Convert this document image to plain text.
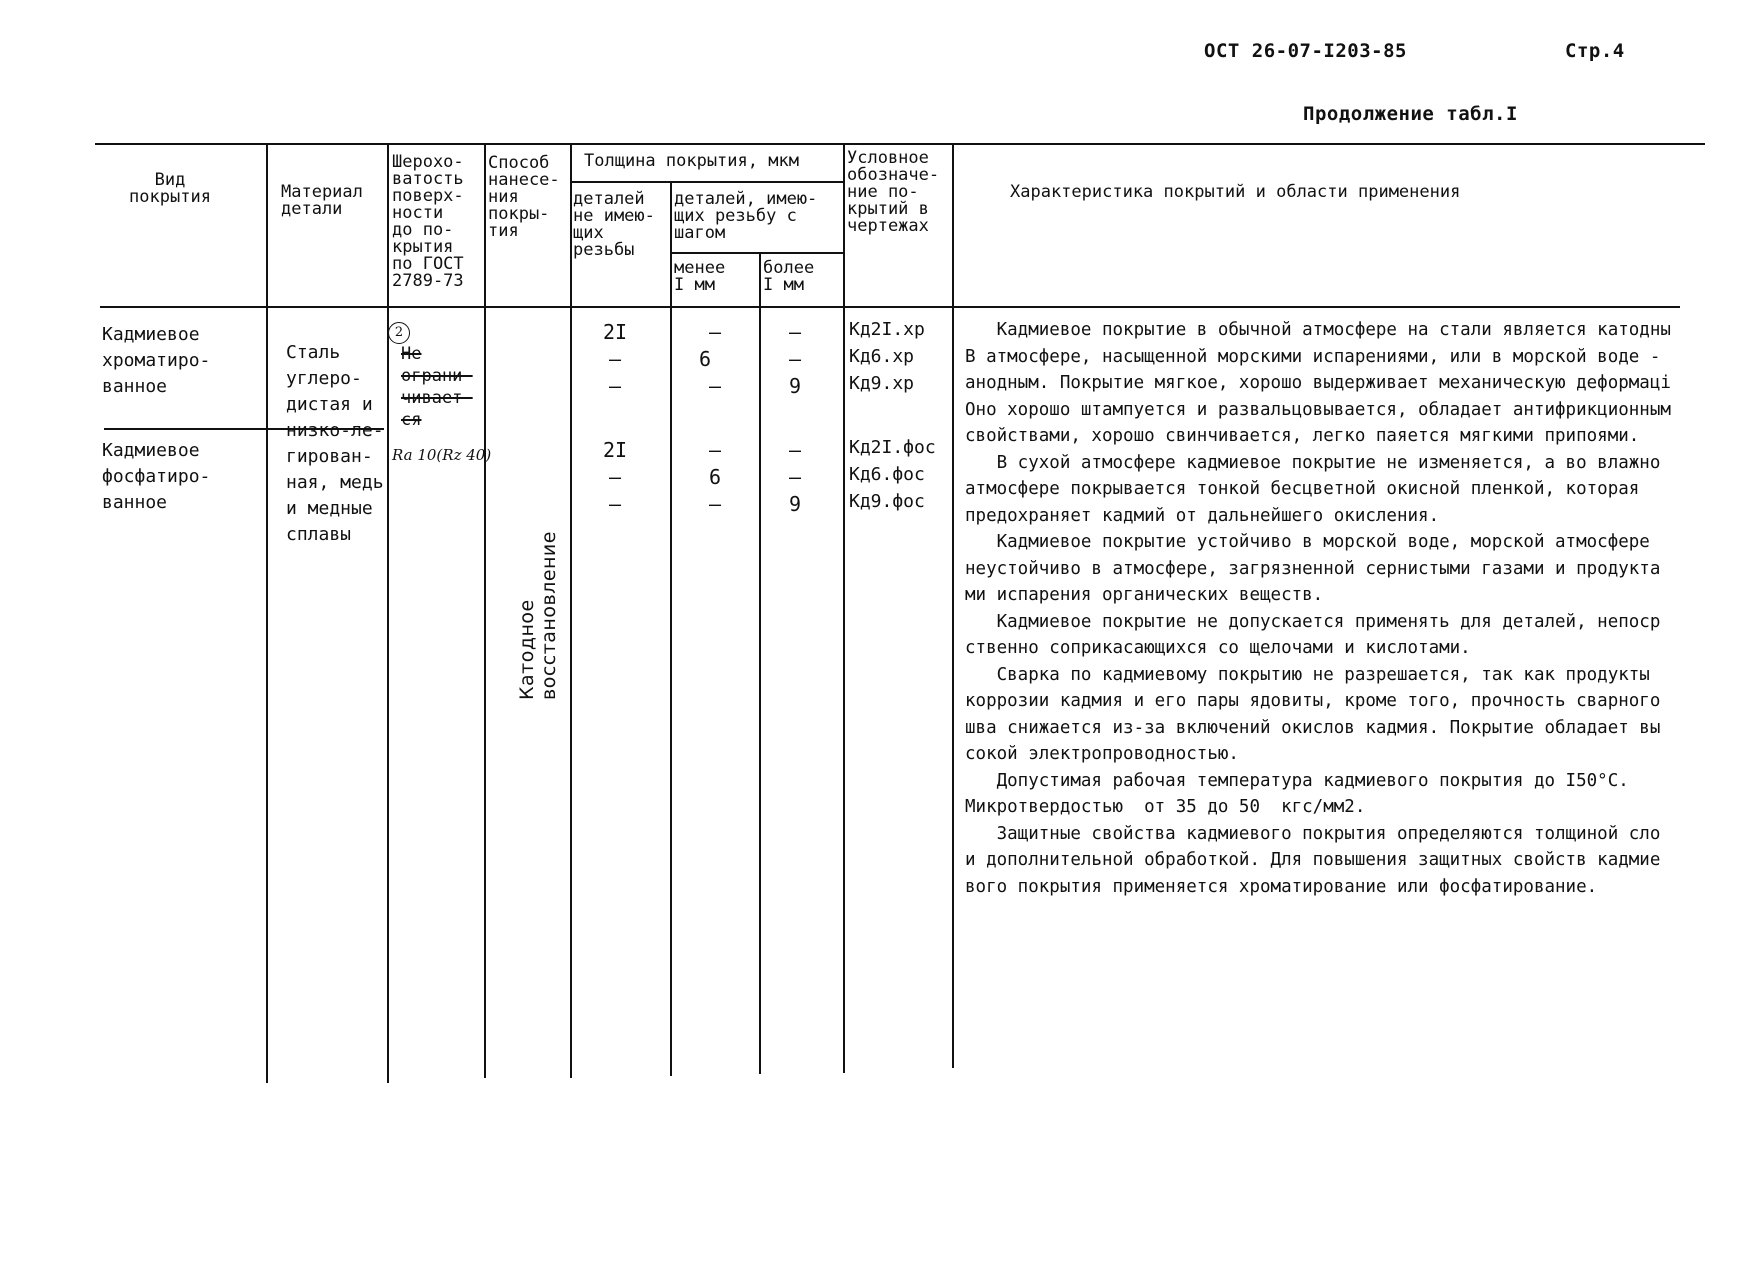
ОСТ 26-07-I203-85	Стр.4
Продолжение табл.I
Вид
покрытия	Материал
детали
Шерохо-
ватость
поверх-
ности
до по-
крытия
по ГОСТ
2789-73
Способ
нанесе-
ния
покры-
тия
Толщина покрытия, мкм
деталей
не имею-
щих
резьбы
деталей, имею-
щих резьбу с
шагом
менее
I мм
более
I мм
Условное
обозначе-
ние по-
крытий в
чертежах
Характеристика покрытий и области применения
Кадмиевое
хроматиро-
ванное
2I
–
–
–
6
–
–
–
9
Кд2I.хр
Кд6.хр
Кд9.хр
Кадмиевое
фосфатиро-
ванное
2I
–
–
–
6
–
–
–
9
Кд2I.фос
Кд6.фос
Кд9.фос
Сталь
углеро-
дистая и
низко-ле-
гирован-
ная, медь
и медные
сплавы
2
Не
ограни-
чивает-
ся
Ra 10(Rz 40)
Катодное восстановление
Кадмиевое покрытие в обычной атмосфере на стали является катодны
В атмосфере, насыщенной морскими испарениями, или в морской воде -
анодным. Покрытие мягкое, хорошо выдерживает механическую деформаці
Оно хорошо штампуется и развальцовывается, обладает антифрикционным
свойствами, хорошо свинчивается, легко паяется мягкими припоями.
В сухой атмосфере кадмиевое покрытие не изменяется, а во влажно
атмосфере покрывается тонкой бесцветной окисной пленкой, которая
предохраняет кадмий от дальнейшего окисления.
Кадмиевое покрытие устойчиво в морской воде, морской атмосфере
неустойчиво в атмосфере, загрязненной сернистыми газами и продукта
ми испарения органических веществ.
Кадмиевое покрытие не допускается применять для деталей, непоср
ственно соприкасающихся со щелочами и кислотами.
Сварка по кадмиевому покрытию не разрешается, так как продукты
коррозии кадмия и его пары ядовиты, кроме того, прочность сварного
шва снижается из-за включений окислов кадмия. Покрытие обладает вы
сокой электропроводностью.
Допустимая рабочая температура кадмиевого покрытия до I50°С.
Микротвердостью  от 35 до 50  кгс/мм2.
Защитные свойства кадмиевого покрытия определяются толщиной сло
и дополнительной обработкой. Для повышения защитных свойств кадмие
вого покрытия применяется хроматирование или фосфатирование.
